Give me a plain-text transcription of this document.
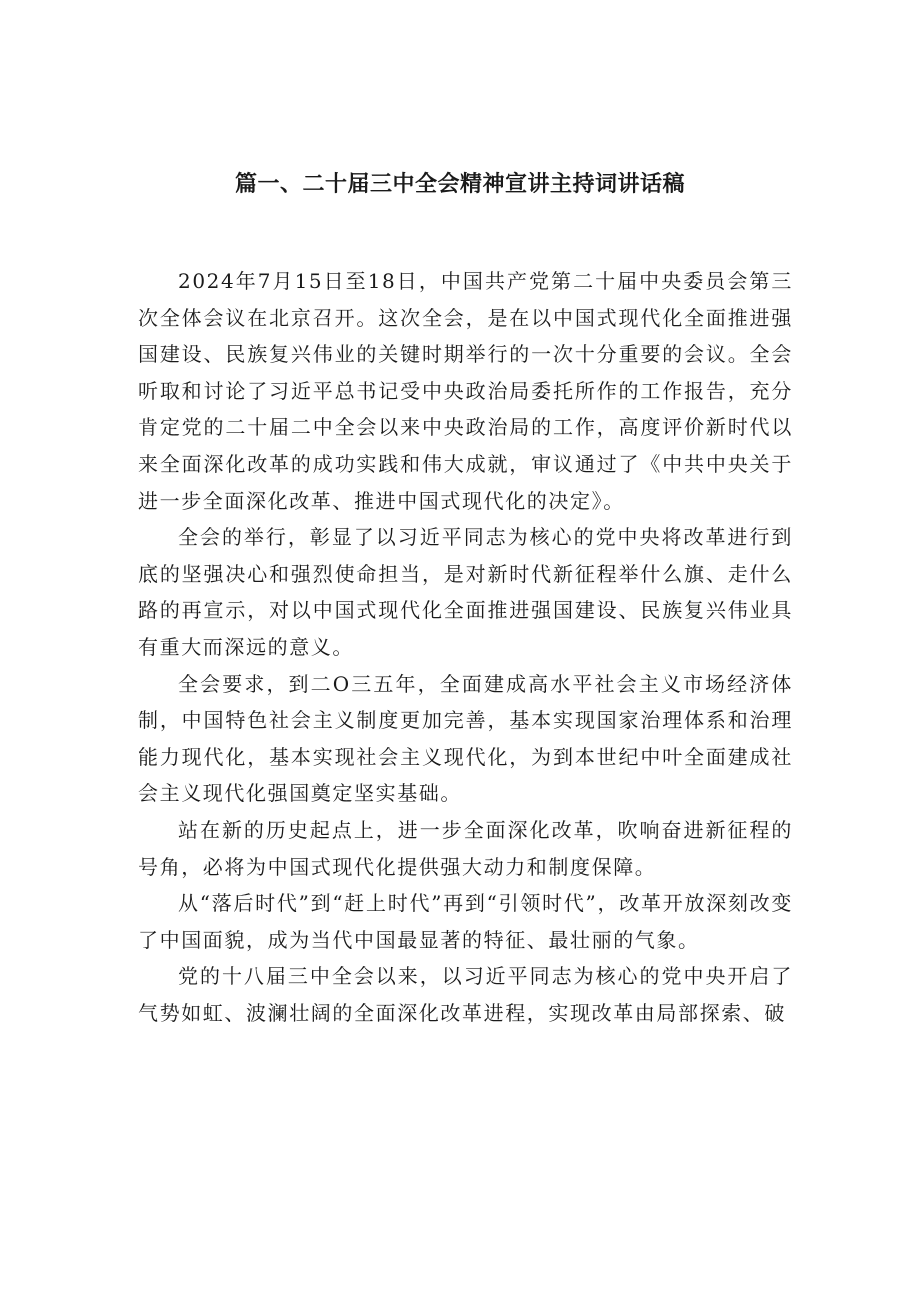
篇一、二十届三中全会精神宣讲主持词讲话稿

2024年7月15日至18日，中国共产党第二十届中央委员会第三次全体会议在北京召开。这次全会，是在以中国式现代化全面推进强国建设、民族复兴伟业的关键时期举行的一次十分重要的会议。全会听取和讨论了习近平总书记受中央政治局委托所作的工作报告，充分肯定党的二十届二中全会以来中央政治局的工作，高度评价新时代以来全面深化改革的成功实践和伟大成就，审议通过了《中共中央关于进一步全面深化改革、推进中国式现代化的决定》。

全会的举行，彰显了以习近平同志为核心的党中央将改革进行到底的坚强决心和强烈使命担当，是对新时代新征程举什么旗、走什么路的再宣示，对以中国式现代化全面推进强国建设、民族复兴伟业具有重大而深远的意义。

全会要求，到二O三五年，全面建成高水平社会主义市场经济体制，中国特色社会主义制度更加完善，基本实现国家治理体系和治理能力现代化，基本实现社会主义现代化，为到本世纪中叶全面建成社会主义现代化强国奠定坚实基础。

站在新的历史起点上，进一步全面深化改革，吹响奋进新征程的号角，必将为中国式现代化提供强大动力和制度保障。

从“落后时代”到“赶上时代”再到“引领时代”，改革开放深刻改变了中国面貌，成为当代中国最显著的特征、最壮丽的气象。

党的十八届三中全会以来，以习近平同志为核心的党中央开启了气势如虹、波澜壮阔的全面深化改革进程，实现改革由局部探索、破
